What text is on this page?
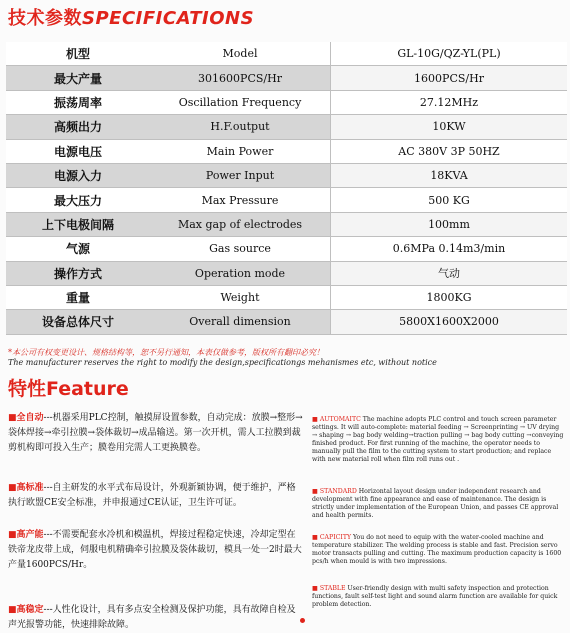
技术参数SPECIFICATIONS
机型	Model	GL-10G/QZ-YL(PL)
最大产量	301600PCS/Hr	1600PCS/Hr
振荡周率	Oscillation Frequency	27.12MHz
高频出力	H.F.output	10KW
电源电压	Main Power	AC 380V 3P 50HZ
电源入力	Power Input	18KVA
最大压力	Max Pressure	500 KG
上下电极间隔	Max gap of electrodes	100mm
气源	Gas source	0.6MPa 0.14m3/min
操作方式	Operation mode	气动
重量	Weight	1800KG
设备总体尺寸	Overall dimension	5800X1600X2000
*本公司有权变更设计、规格结构等，恕不另行通知，本表仅做参考，版权所有翻印必究！
The manufacturer reserves the right to modify the design,specificationgs mehanismes etc, without notice
特性Feature
■全自动---机器采用PLC控制，触摸屏设置参数，自动完成：放膜→整形→袋体焊接→牵引拉膜→袋体裁切→成品输送。第一次开机，需人工拉膜到裁剪机构即可投入生产；膜卷用完需人工更换膜卷。
■高标准---自主研发的水平式布局设计，外观新颖协调，便于维护，严格执行欧盟CE安全标准，并申报通过CE认证，卫生许可证。
■高产能---不需要配套水冷机和模温机，焊接过程稳定快速，冷却定型在铁帝龙皮带上成，伺服电机精确牵引拉膜及袋体裁切，模具一处一2时最大产量1600PCS/Hr。
■高稳定---人性化设计，具有多点安全检测及保护功能，具有故障自检及声光报警功能，快速排除故障。
■ AUTOMAITC The machine adopts PLC control and touch screen parameter settings. It will auto-complete: material feeding → Screenprinting → UV drying → shaping → bag body welding→traction pulling → bag body cutting →conveying finished product. For first running of the machine, the operator needs to manually pull the film to the cutting system to start production; and replace with new material roll when film roll runs out .
■ STANDARD Horizontal layout design under independent research and development with fine appearance and ease of maintenance. The design is strictly under implementation of the European Union, and passes CE approval and health permits.
■ CAPICITY You do not need to equip with the water-cooled machine and temperature stabilizer. The welding process is stable and fast. Precision servo motor transacts pulling and cutting. The maximum production capacity is 1600 pcs/h when mould is with two impressions.
■ STABLE User-friendly design with multi safety inspection and protection functions, fault self-test light and sound alarm function are available for quick problem detection.
